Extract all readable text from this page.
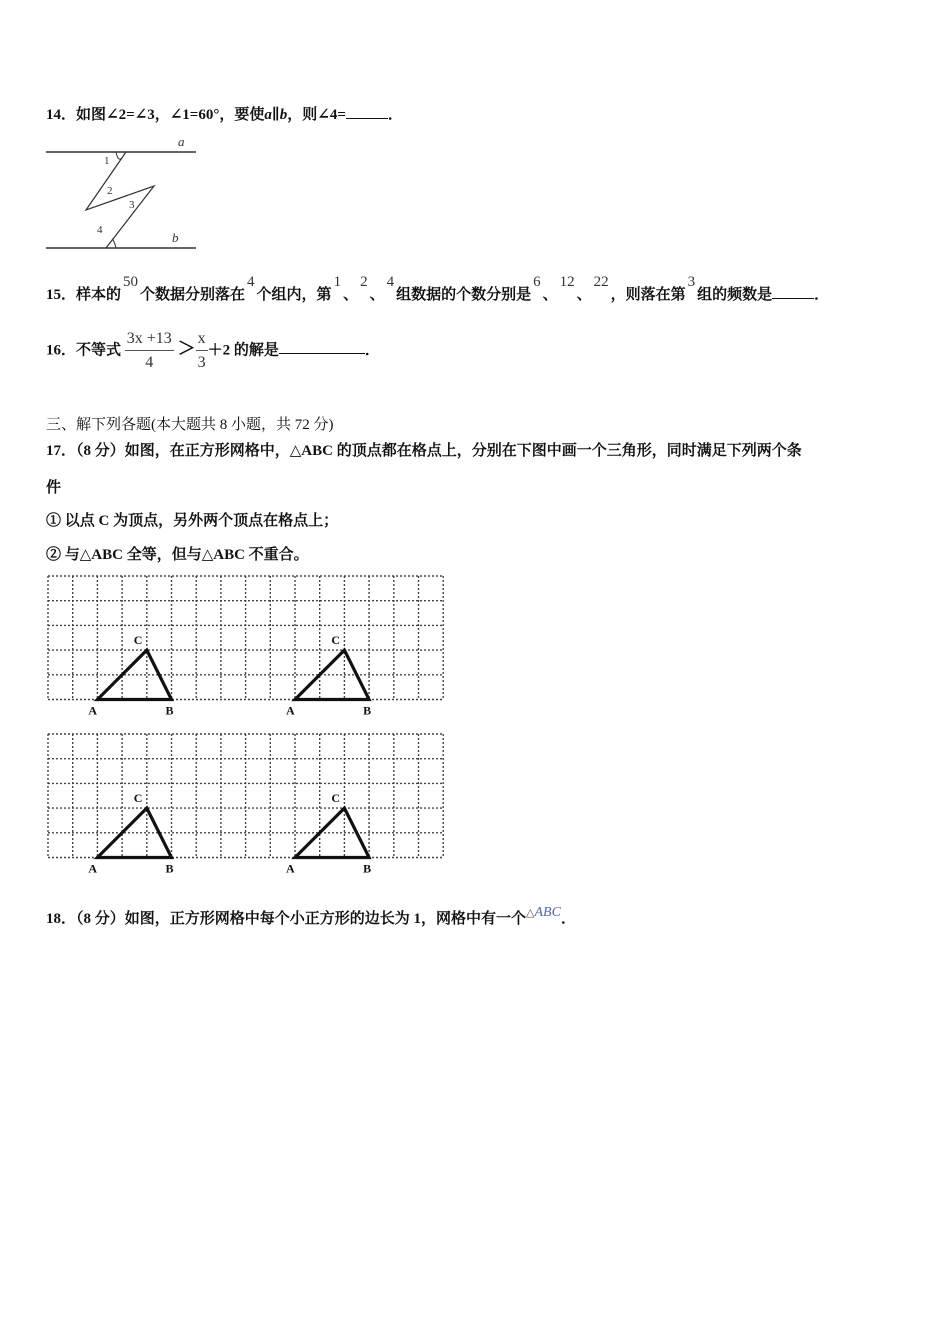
14．如图∠2=∠3，∠1=60°，要使a∥b，则∠4=	．
a
b
1
2
3
4
15．样本的50个数据分别落在4个组内，第1、2、4组数据的个数分别是6、12、22，则落在第3组的频数是	．
16．不等式 $\frac{3x +13}{4} > \frac{x}{3} +2$ 的解是	．
三、解下列各题(本大题共 8 小题，共 72 分)
17．（8 分）如图，在正方形网格中，△ABC 的顶点都在格点上，分别在下图中画一个三角形，同时满足下列两个条
件
① 以点 C 为顶点，另外两个顶点在格点上；
② 与△ABC 全等，但与△ABC 不重合。
A	B
C
A	B
C
A	B
C
A	B
C
18．（8 分）如图，正方形网格中每个小正方形的边长为 1，网格中有一个△ABC．
